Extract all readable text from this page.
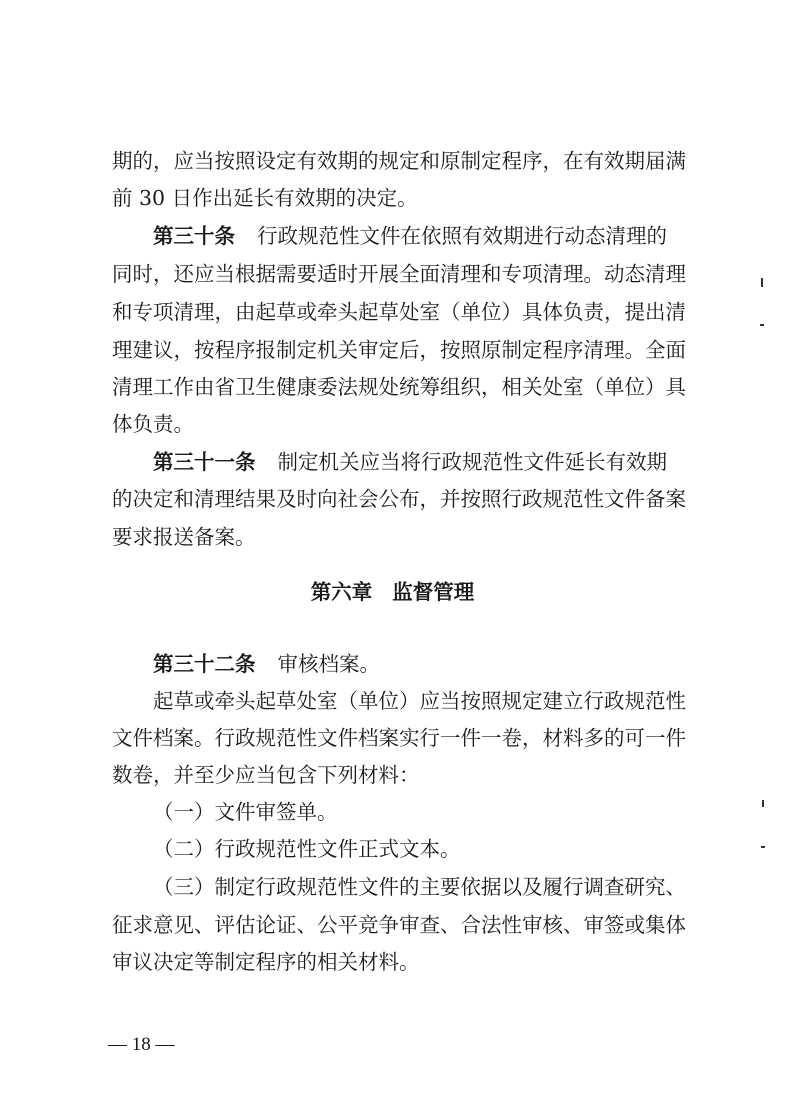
期的，应当按照设定有效期的规定和原制定程序，在有效期届满
前 30 日作出延长有效期的决定。
第三十条 行政规范性文件在依照有效期进行动态清理的
同时，还应当根据需要适时开展全面清理和专项清理。动态清理
和专项清理，由起草或牵头起草处室（单位）具体负责，提出清
理建议，按程序报制定机关审定后，按照原制定程序清理。全面
清理工作由省卫生健康委法规处统筹组织，相关处室（单位）具
体负责。
第三十一条 制定机关应当将行政规范性文件延长有效期
的决定和清理结果及时向社会公布，并按照行政规范性文件备案
要求报送备案。
第六章 监督管理
第三十二条 审核档案。
起草或牵头起草处室（单位）应当按照规定建立行政规范性
文件档案。行政规范性文件档案实行一件一卷，材料多的可一件
数卷，并至少应当包含下列材料：
（一）文件审签单。
（二）行政规范性文件正式文本。
（三）制定行政规范性文件的主要依据以及履行调查研究、
征求意见、评估论证、公平竞争审查、合法性审核、审签或集体
审议决定等制定程序的相关材料。
— 18 —
